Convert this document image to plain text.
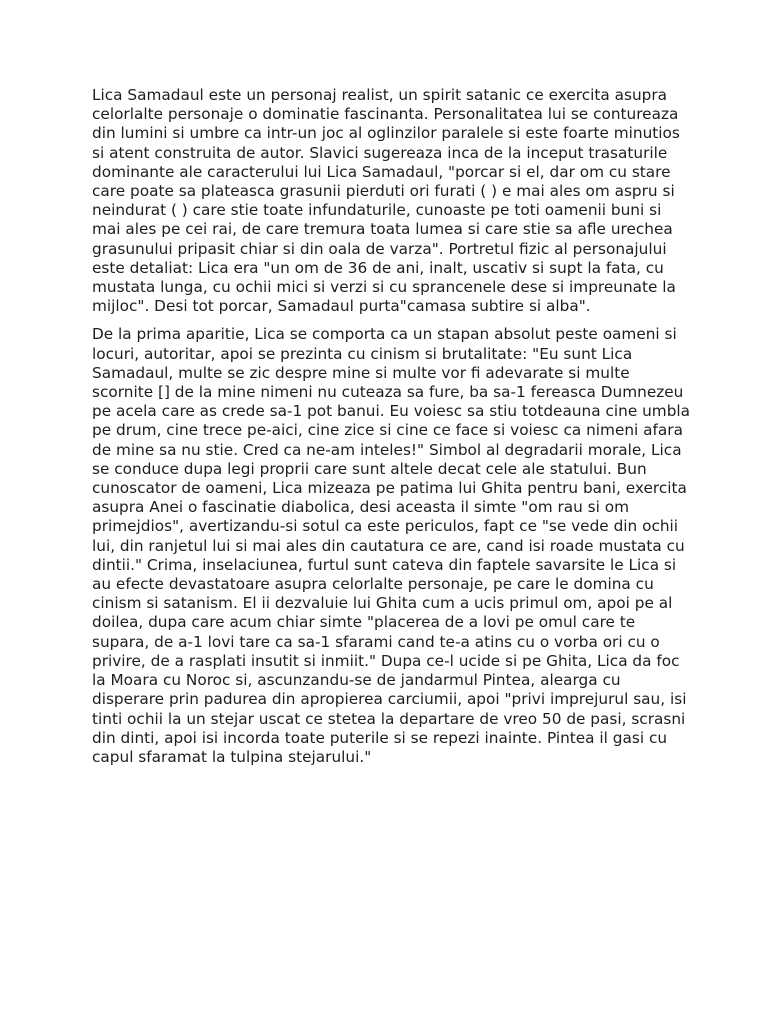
Lica Samadaul este un personaj realist, un spirit satanic ce exercita asupra celorlalte personaje o dominatie fascinanta. Personalitatea lui se contureaza din lumini si umbre ca intr-un joc al oglinzilor paralele si este foarte minutios si atent construita de autor. Slavici sugereaza inca de la inceput trasaturile dominante ale caracterului lui Lica Samadaul, "porcar si el, dar om cu stare care poate sa plateasca grasunii pierduti ori furati ( ) e mai ales om aspru si neindurat ( ) care stie toate infundaturile, cunoaste pe toti oamenii buni si mai ales pe cei rai, de care tremura toata lumea si care stie sa afle urechea grasunului pripasit chiar si din oala de varza". Portretul fizic al personajului este detaliat: Lica era "un om de 36 de ani, inalt, uscativ si supt la fata, cu mustata lunga, cu ochii mici si verzi si cu sprancenele dese si impreunate la mijloc". Desi tot porcar, Samadaul purta"camasa subtire si alba".

De la prima aparitie, Lica se comporta ca un stapan absolut peste oameni si locuri, autoritar, apoi se prezinta cu cinism si brutalitate: "Eu sunt Lica Samadaul, multe se zic despre mine si multe vor fi adevarate si multe scornite [] de la mine nimeni nu cuteaza sa fure, ba sa-1 fereasca Dumnezeu pe acela care as crede sa-1 pot banui. Eu voiesc sa stiu totdeauna cine umbla pe drum, cine trece pe-aici, cine zice si cine ce face si voiesc ca nimeni afara de mine sa nu stie. Cred ca ne-am inteles!" Simbol al degradarii morale, Lica se conduce dupa legi proprii care sunt altele decat cele ale statului. Bun cunoscator de oameni, Lica mizeaza pe patima lui Ghita pentru bani, exercita asupra Anei o fascinatie diabolica, desi aceasta il simte "om rau si om primejdios", avertizandu-si sotul ca este periculos, fapt ce "se vede din ochii lui, din ranjetul lui si mai ales din cautatura ce are, cand isi roade mustata cu dintii." Crima, inselaciunea, furtul sunt cateva din faptele savarsite le Lica si au efecte devastatoare asupra celorlalte personaje, pe care le domina cu cinism si satanism. El ii dezvaluie lui Ghita cum a ucis primul om, apoi pe al doilea, dupa care acum chiar simte "placerea de a lovi pe omul care te supara, de a-1 lovi tare ca sa-1 sfarami cand te-a atins cu o vorba ori cu o privire, de a rasplati insutit si inmiit." Dupa ce-l ucide si pe Ghita, Lica da foc la Moara cu Noroc si, ascunzandu-se de jandarmul Pintea, alearga cu disperare prin padurea din apropierea carciumii, apoi "privi imprejurul sau, isi tinti ochii la un stejar uscat ce stetea la departare de vreo 50 de pasi, scrasni din dinti, apoi isi incorda toate puterile si se repezi inainte. Pintea il gasi cu capul sfaramat la tulpina stejarului."
